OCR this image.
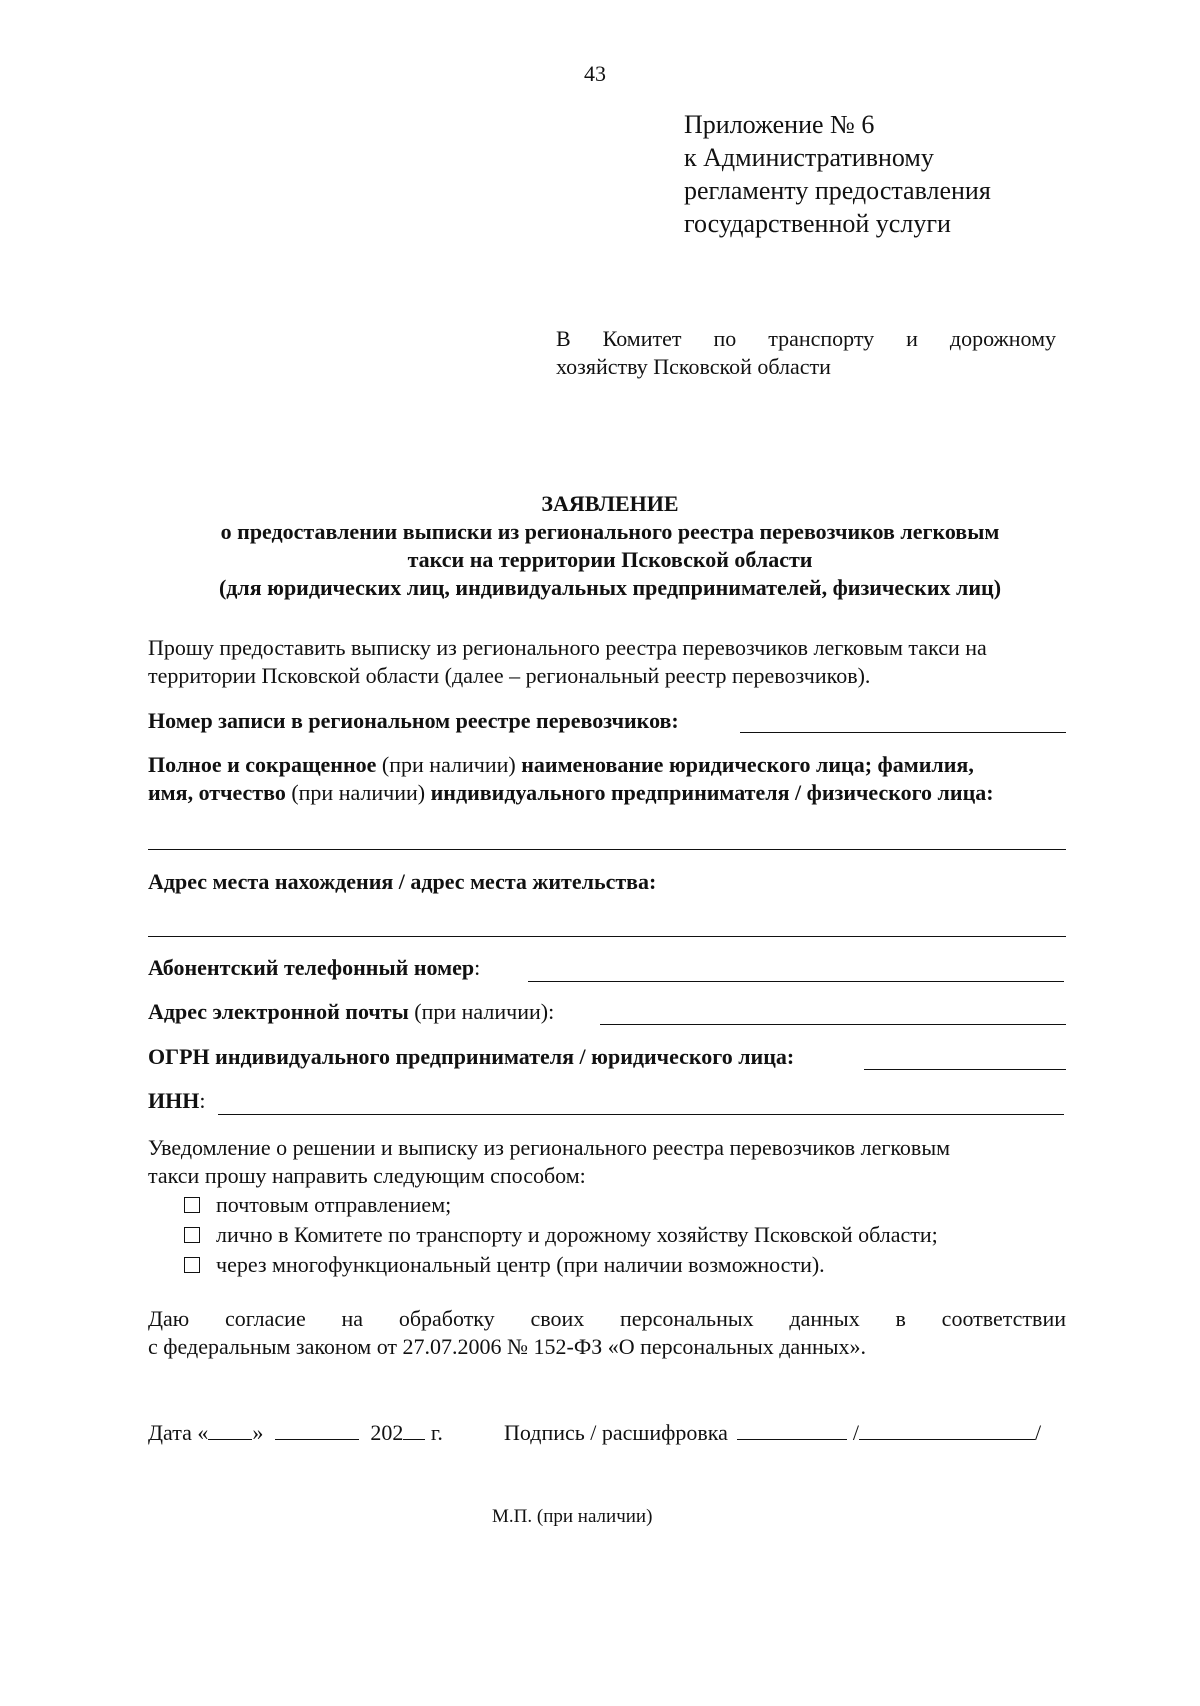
43
Приложение № 6
к Административному
регламенту предоставления
государственной услуги
В Комитет по транспорту и дорожному
хозяйству Псковской области
ЗАЯВЛЕНИЕ
о предоставлении выписки из регионального реестра перевозчиков легковым
такси на территории Псковской области
(для юридических лиц, индивидуальных предпринимателей, физических лиц)
Прошу предоставить выписку из регионального реестра перевозчиков легковым такси на
территории Псковской области (далее – региональный реестр перевозчиков).
Номер записи в региональном реестре перевозчиков:
Полное и сокращенное (при наличии) наименование юридического лица; фамилия,
имя, отчество (при наличии) индивидуального предпринимателя / физического лица:
Адрес места нахождения / адрес места жительства:
Абонентский телефонный номер:
Адрес электронной почты (при наличии):
ОГРН индивидуального предпринимателя / юридического лица:
ИНН:
Уведомление о решении и выписку из регионального реестра перевозчиков легковым
такси прошу направить следующим способом:
почтовым отправлением;
лично в Комитете по транспорту и дорожному хозяйству Псковской области;
через многофункциональный центр (при наличии возможности).
Даю согласие на обработку своих персональных данных в соответствии
с федеральным законом от 27.07.2006 № 152-ФЗ «О персональных данных».
Дата « »	202 г.	Подпись / расшифровка	/	/
М.П. (при наличии)
